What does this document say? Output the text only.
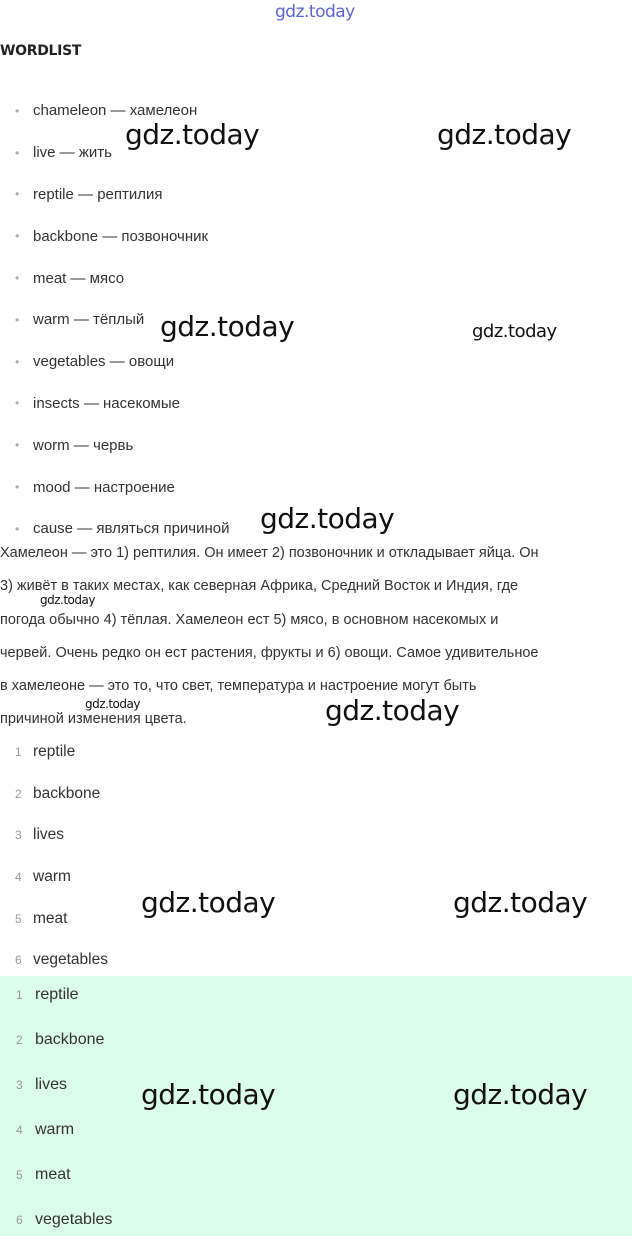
gdz.today
WORDLIST
• chameleon — хамелеон
• live — жить
• reptile — рептилия
• backbone — позвоночник
• meat — мясо
• warm — тёплый
• vegetables — овощи
• insects — насекомые
• worm — червь
• mood — настроение
• cause — являться причиной
Хамелеон — это 1) рептилия. Он имеет 2) позвоночник и откладывает яйца. Он
3) живёт в таких местах, как северная Африка, Средний Восток и Индия, где
погода обычно 4) тёплая. Хамелеон ест 5) мясо, в основном насекомых и
червей. Очень редко он ест растения, фрукты и 6) овощи. Самое удивительное
в хамелеоне — это то, что свет, температура и настроение могут быть
причиной изменения цвета.
1 reptile
2 backbone
3 lives
4 warm
5 meat
6 vegetables
1 reptile
2 backbone
3 lives
4 warm
5 meat
6 vegetables
gdz.today	gdz.today
gdz.today	gdz.today
gdz.today
gdz.today
gdz.today	gdz.today
gdz.today	gdz.today
gdz.today	gdz.today
